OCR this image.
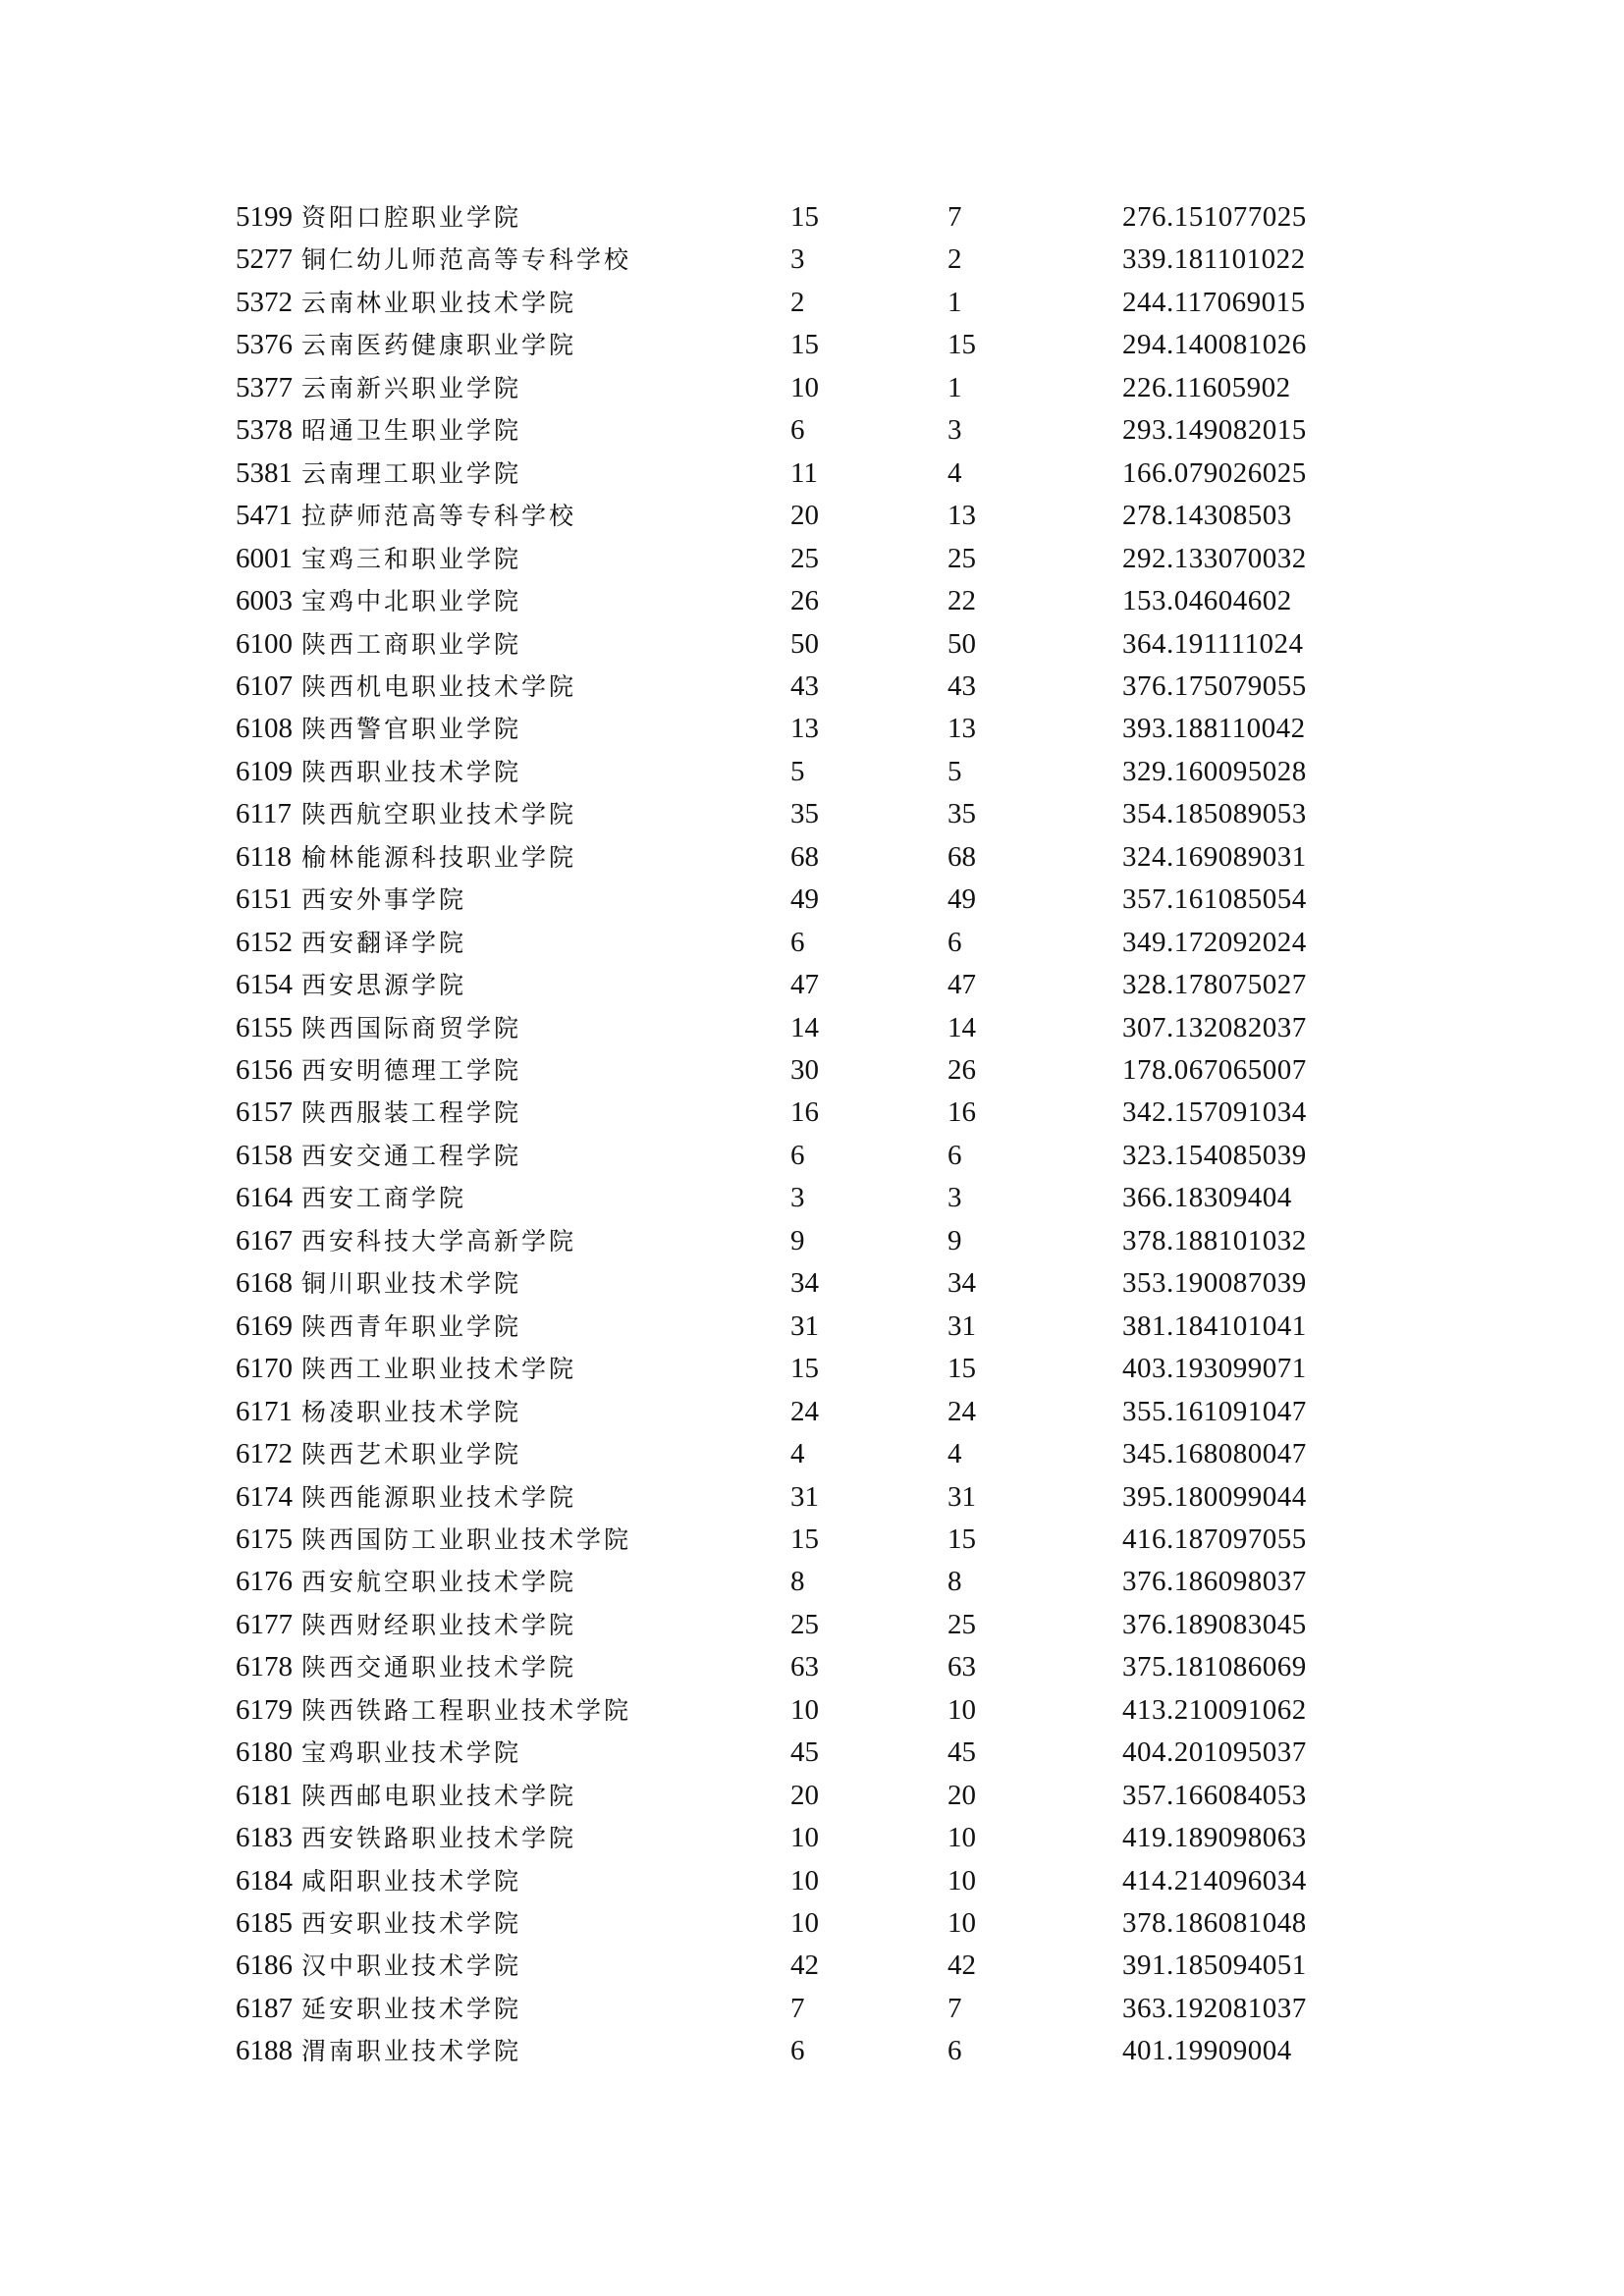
5199 资阳口腔职业学院	15	7	276.151077025
5277 铜仁幼儿师范高等专科学校	3	2	339.181101022
5372 云南林业职业技术学院	2	1	244.117069015
5376 云南医药健康职业学院	15	15	294.140081026
5377 云南新兴职业学院	10	1	226.11605902
5378 昭通卫生职业学院	6	3	293.149082015
5381 云南理工职业学院	11	4	166.079026025
5471 拉萨师范高等专科学校	20	13	278.14308503
6001 宝鸡三和职业学院	25	25	292.133070032
6003 宝鸡中北职业学院	26	22	153.04604602
6100 陕西工商职业学院	50	50	364.191111024
6107 陕西机电职业技术学院	43	43	376.175079055
6108 陕西警官职业学院	13	13	393.188110042
6109 陕西职业技术学院	5	5	329.160095028
6117 陕西航空职业技术学院	35	35	354.185089053
6118 榆林能源科技职业学院	68	68	324.169089031
6151 西安外事学院	49	49	357.161085054
6152 西安翻译学院	6	6	349.172092024
6154 西安思源学院	47	47	328.178075027
6155 陕西国际商贸学院	14	14	307.132082037
6156 西安明德理工学院	30	26	178.067065007
6157 陕西服装工程学院	16	16	342.157091034
6158 西安交通工程学院	6	6	323.154085039
6164 西安工商学院	3	3	366.18309404
6167 西安科技大学高新学院	9	9	378.188101032
6168 铜川职业技术学院	34	34	353.190087039
6169 陕西青年职业学院	31	31	381.184101041
6170 陕西工业职业技术学院	15	15	403.193099071
6171 杨凌职业技术学院	24	24	355.161091047
6172 陕西艺术职业学院	4	4	345.168080047
6174 陕西能源职业技术学院	31	31	395.180099044
6175 陕西国防工业职业技术学院	15	15	416.187097055
6176 西安航空职业技术学院	8	8	376.186098037
6177 陕西财经职业技术学院	25	25	376.189083045
6178 陕西交通职业技术学院	63	63	375.181086069
6179 陕西铁路工程职业技术学院	10	10	413.210091062
6180 宝鸡职业技术学院	45	45	404.201095037
6181 陕西邮电职业技术学院	20	20	357.166084053
6183 西安铁路职业技术学院	10	10	419.189098063
6184 咸阳职业技术学院	10	10	414.214096034
6185 西安职业技术学院	10	10	378.186081048
6186 汉中职业技术学院	42	42	391.185094051
6187 延安职业技术学院	7	7	363.192081037
6188 渭南职业技术学院	6	6	401.19909004
